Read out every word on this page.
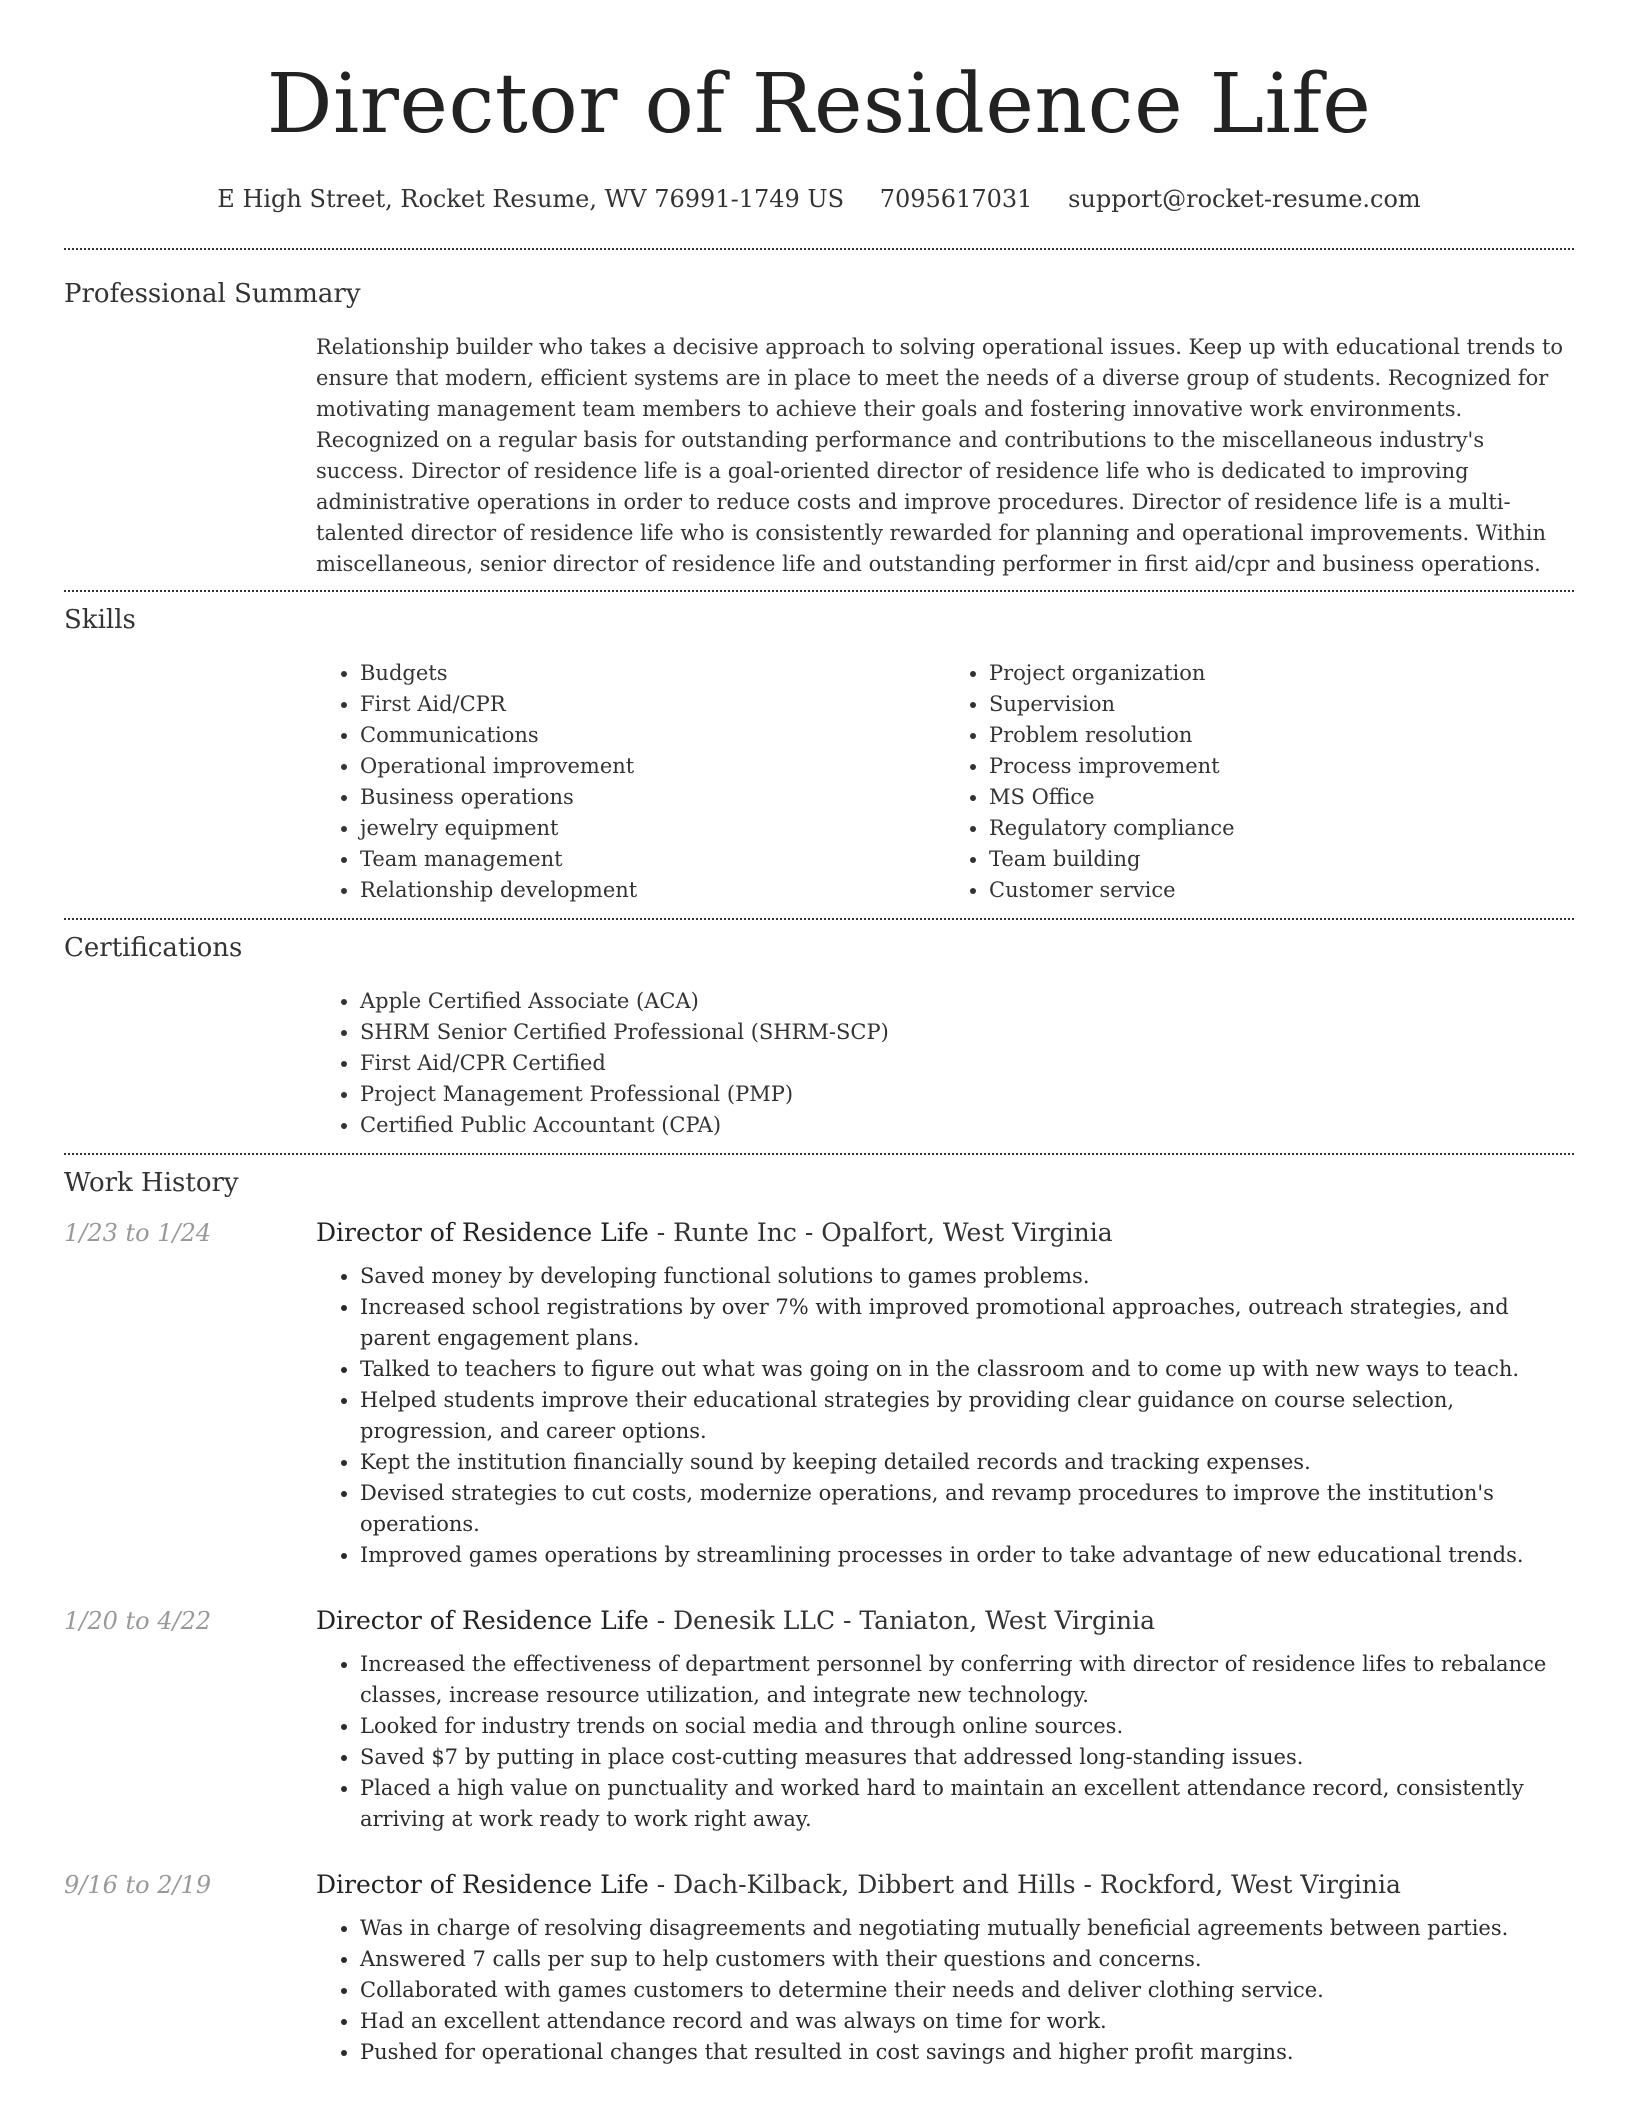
Director of Residence Life
E High Street, Rocket Resume, WV 76991-1749 US 7095617031 support@rocket-resume.com
Professional Summary
Relationship builder who takes a decisive approach to solving operational issues. Keep up with educational trends to ensure that modern, efficient systems are in place to meet the needs of a diverse group of students. Recognized for motivating management team members to achieve their goals and fostering innovative work environments. Recognized on a regular basis for outstanding performance and contributions to the miscellaneous industry's success. Director of residence life is a goal-oriented director of residence life who is dedicated to improving administrative operations in order to reduce costs and improve procedures. Director of residence life is a multi-talented director of residence life who is consistently rewarded for planning and operational improvements. Within miscellaneous, senior director of residence life and outstanding performer in first aid/cpr and business operations.
Skills
• Budgets
• First Aid/CPR
• Communications
• Operational improvement
• Business operations
• jewelry equipment
• Team management
• Relationship development
• Project organization
• Supervision
• Problem resolution
• Process improvement
• MS Office
• Regulatory compliance
• Team building
• Customer service
Certifications
• Apple Certified Associate (ACA)
• SHRM Senior Certified Professional (SHRM-SCP)
• First Aid/CPR Certified
• Project Management Professional (PMP)
• Certified Public Accountant (CPA)
Work History
1/23 to 1/24	Director of Residence Life - Runte Inc - Opalfort, West Virginia
• Saved money by developing functional solutions to games problems.
• Increased school registrations by over 7% with improved promotional approaches, outreach strategies, and parent engagement plans.
• Talked to teachers to figure out what was going on in the classroom and to come up with new ways to teach.
• Helped students improve their educational strategies by providing clear guidance on course selection, progression, and career options.
• Kept the institution financially sound by keeping detailed records and tracking expenses.
• Devised strategies to cut costs, modernize operations, and revamp procedures to improve the institution's operations.
• Improved games operations by streamlining processes in order to take advantage of new educational trends.
1/20 to 4/22	Director of Residence Life - Denesik LLC - Taniaton, West Virginia
• Increased the effectiveness of department personnel by conferring with director of residence lifes to rebalance classes, increase resource utilization, and integrate new technology.
• Looked for industry trends on social media and through online sources.
• Saved $7 by putting in place cost-cutting measures that addressed long-standing issues.
• Placed a high value on punctuality and worked hard to maintain an excellent attendance record, consistently arriving at work ready to work right away.
9/16 to 2/19	Director of Residence Life - Dach-Kilback, Dibbert and Hills - Rockford, West Virginia
• Was in charge of resolving disagreements and negotiating mutually beneficial agreements between parties.
• Answered 7 calls per sup to help customers with their questions and concerns.
• Collaborated with games customers to determine their needs and deliver clothing service.
• Had an excellent attendance record and was always on time for work.
• Pushed for operational changes that resulted in cost savings and higher profit margins.
